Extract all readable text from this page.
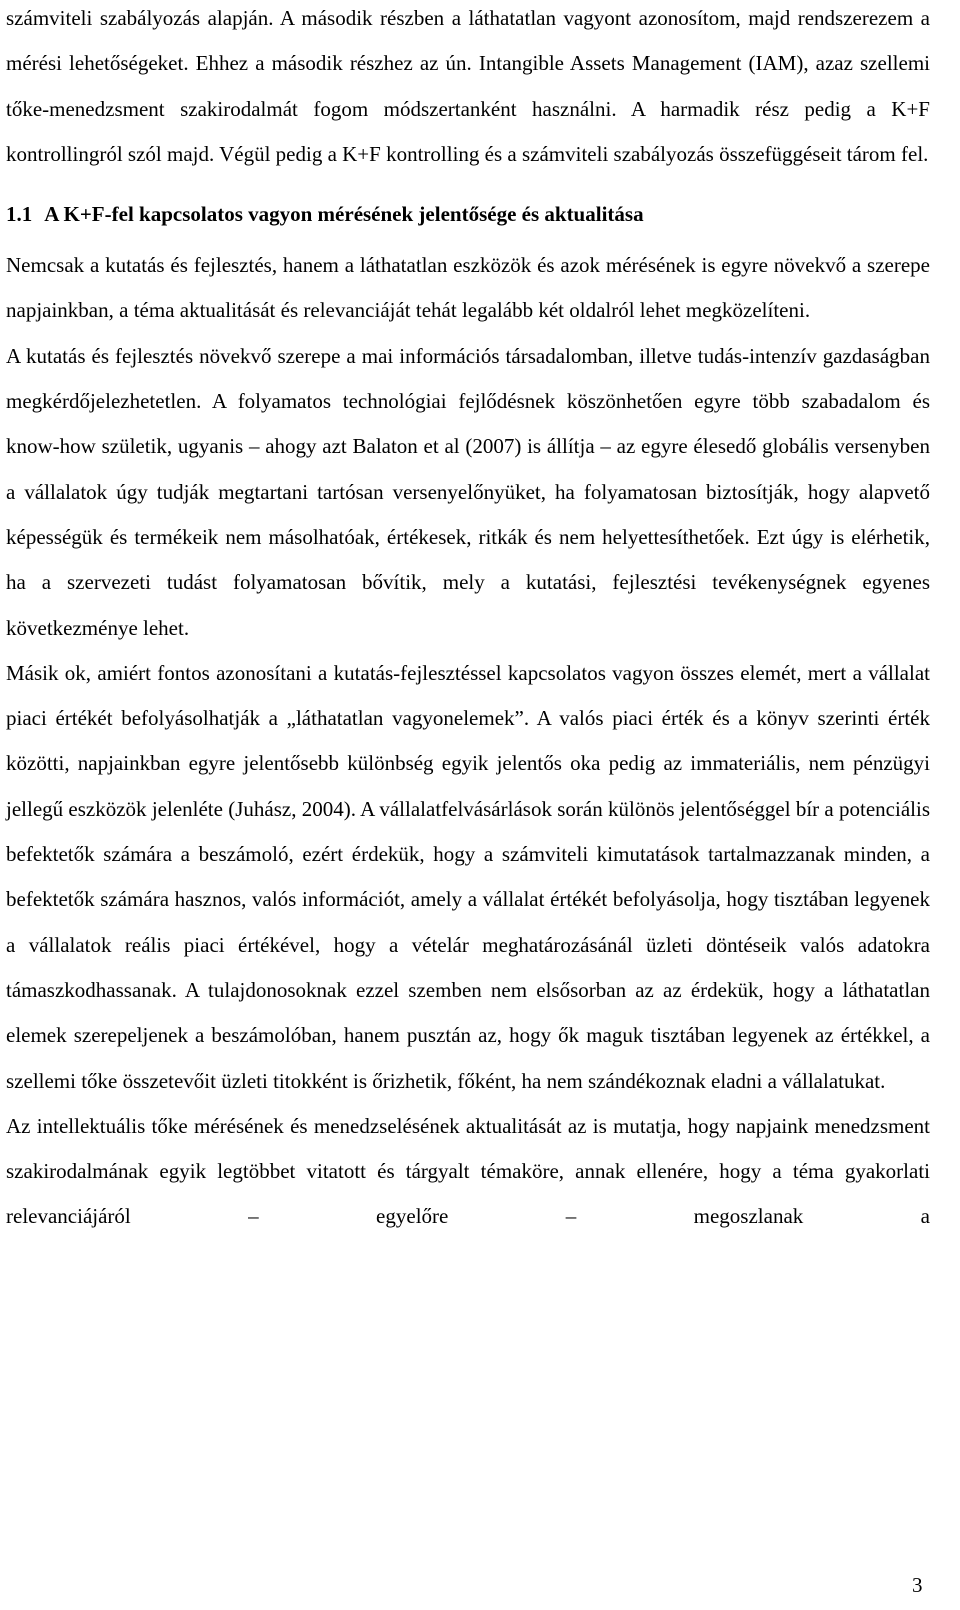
számviteli szabályozás alapján. A második részben a láthatatlan vagyont azonosítom, majd rendszerezem a mérési lehetőségeket. Ehhez a második részhez az ún. Intangible Assets Management (IAM), azaz szellemi tőke-menedzsment szakirodalmát fogom módszertanként használni. A harmadik rész pedig a K+F kontrollingról szól majd. Végül pedig a K+F kontrolling és a számviteli szabályozás összefüggéseit tárom fel.

1.1 A K+F-fel kapcsolatos vagyon mérésének jelentősége és aktualitása

Nemcsak a kutatás és fejlesztés, hanem a láthatatlan eszközök és azok mérésének is egyre növekvő a szerepe napjainkban, a téma aktualitását és relevanciáját tehát legalább két oldalról lehet megközelíteni.

A kutatás és fejlesztés növekvő szerepe a mai információs társadalomban, illetve tudás-intenzív gazdaságban megkérdőjelezhetetlen. A folyamatos technológiai fejlődésnek köszönhetően egyre több szabadalom és know-how születik, ugyanis – ahogy azt Balaton et al (2007) is állítja – az egyre élesedő globális versenyben a vállalatok úgy tudják megtartani tartósan versenyelőnyüket, ha folyamatosan biztosítják, hogy alapvető képességük és termékeik nem másolhatóak, értékesek, ritkák és nem helyettesíthetőek. Ezt úgy is elérhetik, ha a szervezeti tudást folyamatosan bővítik, mely a kutatási, fejlesztési tevékenységnek egyenes következménye lehet.

Másik ok, amiért fontos azonosítani a kutatás-fejlesztéssel kapcsolatos vagyon összes elemét, mert a vállalat piaci értékét befolyásolhatják a „láthatatlan vagyonelemek”. A valós piaci érték és a könyv szerinti érték közötti, napjainkban egyre jelentősebb különbség egyik jelentős oka pedig az immateriális, nem pénzügyi jellegű eszközök jelenléte (Juhász, 2004). A vállalatfelvásárlások során különös jelentőséggel bír a potenciális befektetők számára a beszámoló, ezért érdekük, hogy a számviteli kimutatások tartalmazzanak minden, a befektetők számára hasznos, valós információt, amely a vállalat értékét befolyásolja, hogy tisztában legyenek a vállalatok reális piaci értékével, hogy a vételár meghatározásánál üzleti döntéseik valós adatokra támaszkodhassanak. A tulajdonosoknak ezzel szemben nem elsősorban az az érdekük, hogy a láthatatlan elemek szerepeljenek a beszámolóban, hanem pusztán az, hogy ők maguk tisztában legyenek az értékkel, a szellemi tőke összetevőit üzleti titokként is őrizhetik, főként, ha nem szándékoznak eladni a vállalatukat.

Az intellektuális tőke mérésének és menedzselésének aktualitását az is mutatja, hogy napjaink menedzsment szakirodalmának egyik legtöbbet vitatott és tárgyalt témaköre, annak ellenére, hogy a téma gyakorlati relevanciájáról – egyelőre – megoszlanak a

3
